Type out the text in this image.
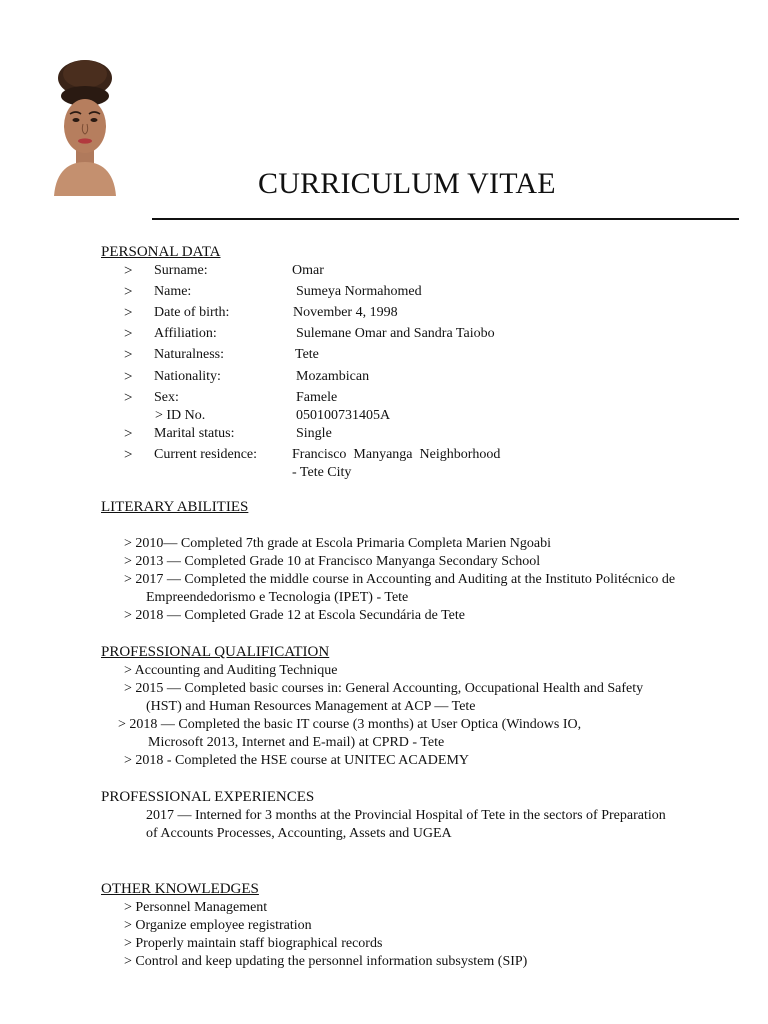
CURRICULUM VITAE
PERSONAL DATA
> Surname:	Omar
> Name:	Sumeya Normahomed
> Date of birth:	November 4, 1998
> Affiliation:	Sulemane Omar and Sandra Taiobo
> Naturalness:	Tete
> Nationality:	Mozambican
> Sex:	Famele
> ID No.	050100731405A
> Marital status:	Single
> Current residence: Francisco  Manyanga  Neighborhood
- Tete City
LITERARY ABILITIES
> 2010— Completed 7th grade at Escola Primaria Completa Marien Ngoabi
> 2013 — Completed Grade 10 at Francisco Manyanga Secondary School
> 2017 — Completed the middle course in Accounting and Auditing at the Instituto Politécnico de
Empreendedorismo e Tecnologia (IPET) - Tete
> 2018 — Completed Grade 12 at Escola Secundária de Tete
PROFESSIONAL QUALIFICATION
> Accounting and Auditing Technique
> 2015 — Completed basic courses in: General Accounting, Occupational Health and Safety
(HST) and Human Resources Management at ACP — Tete
> 2018 — Completed the basic IT course (3 months) at User Optica (Windows IO,
Microsoft 2013, Internet and E-mail) at CPRD - Tete
> 2018 - Completed the HSE course at UNITEC ACADEMY
PROFESSIONAL EXPERIENCES
2017 — Interned for 3 months at the Provincial Hospital of Tete in the sectors of Preparation
of Accounts Processes, Accounting, Assets and UGEA
OTHER KNOWLEDGES
> Personnel Management
> Organize employee registration
> Properly maintain staff biographical records
> Control and keep updating the personnel information subsystem (SIP)
